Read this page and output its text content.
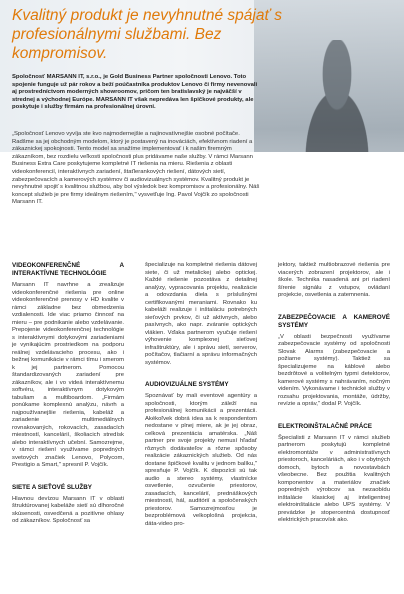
Kvalitný produkt je nevyhnutné spájať s profesionálnymi službami. Bez kompromisov.

Spoločnosť MARSANN IT, s.r.o., je Gold Business Partner spoločnosti Lenovo. Toto spojenie funguje už pár rokov a beží poúčastníka produktov Lenovo či firmy nevenovali aj prostredníctvom moderných showroomov, pričom ten bratislavský je najväčší v strednej a východnej Európe. MARSANN IT však nepredáva len špičkové produkty, ale poskytuje i služby firmám na profesionálnej úrovni.

„Spoločnosť Lenovo vyvíja ste kvo najmodernejšie a najinovatívnejšie osobné počítače. Radšme sa jej obchodným modelom, ktorý je postavený na inováciách, efektívnom riadení a zákaznickej spokojnosti. Tento model sa snažíme implementovať i k našim firemným zákazníkom, bez rozdielu veľkosti spoločnosti plus pridávame naše služby. V rámci Marsann Business Extra Care poskytujeme kompletné IT riešenia na mieru. Riešenia z oblasti videokonferencií, interaktívnych zariadení, štaťlerankových riešení, dátových sietí, zabezpečovacích a kamerových systémov či audiovizuálnych systémov. Kvalitný produkt je nevyhnutné spojiť s kvalitnou službou, aby bol výsledok bez kompromisov a profesionálny. Náš koncept služieb je pre firmy ideálnym riešením," vysvetľuje Ing. Pavol Vojčík zo spoločnosti Marsann IT.

VIDEOKONFERENČNÉ A INTERAKTÍVNE TECHNOLÓGIE

Marsann IT navrhne a zrealizuje videokonferenčné riešenia pre online videokonferenčné prenosy v HD kvalite v rámci základne bez obmedzenia vzdialenosti. Ide viac priamo činnosť na mieru – pre podnikanie alebo vzdelávanie. Prepojenie videokonferenčnej technológie s interaktívnymi dotykovými zariadeniami je vynikajúcim prostriedkom na podporu reálnej vzdelávacieho procesu, ako i bežnej komunikácie v rámci tímu i smerom k jej partnerom. Pomocou štandardizovaných zariadení pre zákazníkov, ale i vo videá interaktívnemu softvéru, interaktívnym dotykovým tabuliam a multiboardom. „Firmám ponúkame komplexnú analýzu, návrh a najpoužívanejšie riešenia, kabeláž a zariadenie multimediálnych rovnakovaných, rokovacích, zasadacích miestností, kancelárií, školiacich stredísk alebo interaktívnych učební. Samozrejme, v rámci riešení využívame popredných svetových značiek Lenovo, Polycom, Prestigio a Smart," spresnil P. Vojčík.

SIETE A SIEŤOVÉ SLUŽBY

Hlavnou devízou Marsann IT v oblasti štruktúrovanej kabeláže sietí sú dlhoročné skúsenosti, osvedčená a pozitívne ohlasy od zákazníkov. Spoločnosť sa

špecializuje na kompletné riešenia dátovej siete, či už metalickej alebo optickej. Každé riešenie pozostáva z detailnej analýzy, vypracovania projektu, realizácie a odovzdania diela s príslušnými certifikovanými meraniami. Rovnako ku kabeláži realizuje i inštaláciu potrebných sieťových prvkov, či už aktívnych, alebo pasívnych, ako napr. zváranie optických vlákien. Vďaka partnerom vyučuje riešení výhovenie komplexnej sieťovej infraštruktúry, ale i správu sietí, serverov, počítačov, tlačiarní a správu informačných systémov.

AUDIOVIZUÁLNE SYSTÉMY

Spoznávať by mali eventové agentúry a spoločnosti, ktorým záleží na profesionálnej komunikácii a prezentácii. Akékoľvek dobrá idea sa k respondentom nedostane v plnej miere, ak je jej obraz, celková prezentácia amatérska. „Náš partner pre svoje projekty nemusí hľadať rôznych dodávateľov a rôzne spôsoby realizácie zákaznických služieb. Od nás dostane špičkové kvalitu v jednom balíku," spresňuje P. Vojčík. K dispozícii sú tak audio a stereo systémy, vlastnícke osvetlenie, ozvučenie priestorov, zasadacích, kancelárií, prednáškových miestností, hál, auditórií a spoločenských priestorov. Samozrejmosťou je bezproblémová velkoplošná projekcia, dáta-video pro-

jektory, taktiež multiobrazové riešenia pre viacerých zobrazení projektorov, ale i škole. Technika nasadená ani pri riadení šírenie signálu z vstupov, ovládaní projekcie, osvetlenia a zatemnenia.

ZABEZPEČOVACIE A KAMEROVÉ SYSTÉMY

„V oblasti bezpečnosti využívame zabezpečovacie systémy od spoločnosti Slovak Alarms (zabezpečovacie a požiarne systémy). Taktiež sa špecializujeme na káblové alebo bezdrôtové a volitelným typmi detektorov, kamerové systémy s nahrávaním, nočným videním. Vykonávame i technické služby v rozsahu projektovania, montáže, údržby, revízie a opráv," dodal P. Vojčík.

ELEKTROINŠTALAČNÉ PRÁCE

Špecialisti z Marsann IT v rámci služieb partnerom poskytujú kompletné elektromontáže v administratívnych priestoroch, kanceláriách, ako i v obytných domoch, bytoch a novostavbách všeobecne. Bez použitia kvalitných komponentov a materiálov značiek popredných výrobcov sa nezaobídu inštalácie klasickej aj inteligentnej elektroinštalácie alebo UPS systémy. V prevádzke je stopercentná dostupnosť elektrických pracovísk ako.
